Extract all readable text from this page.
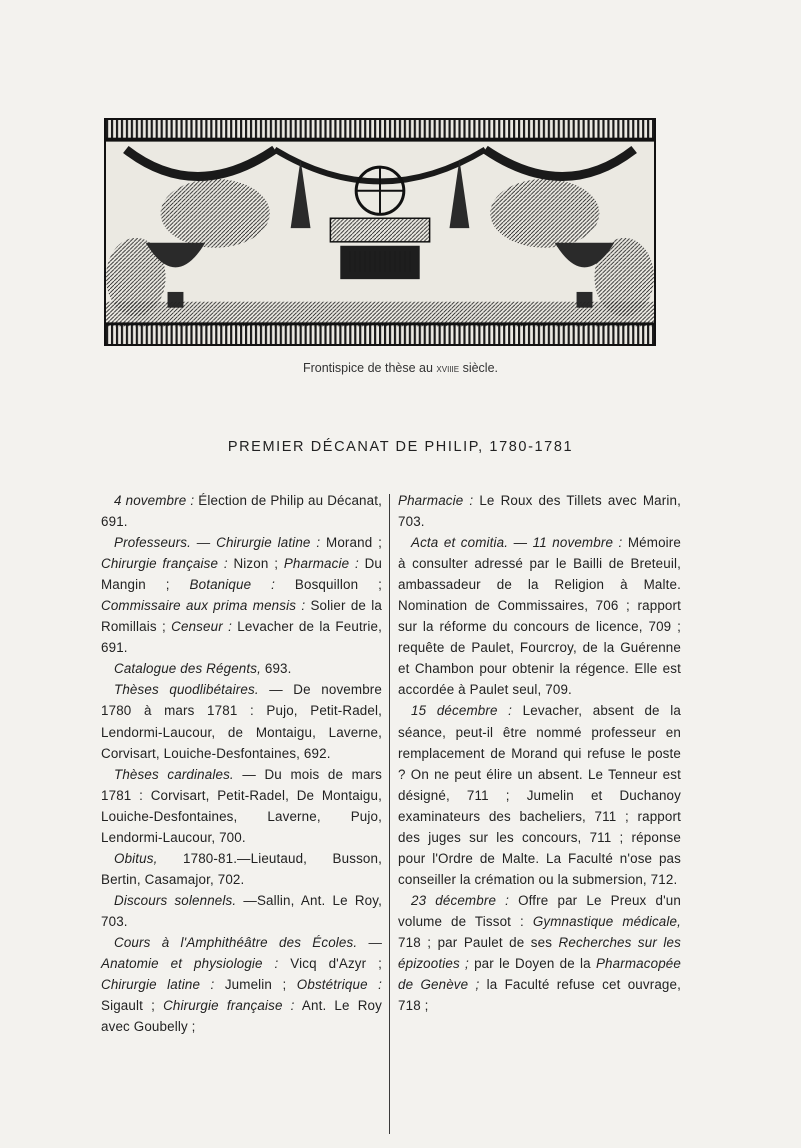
Frontispice de thèse au xviiie siècle.
PREMIER DÉCANAT DE PHILIP, 1780-1781

4 novembre : Élection de Philip au Décanat, 691.

Professeurs. — Chirurgie latine : Morand ; Chirurgie française : Nizon ; Pharmacie : Du Mangin ; Botanique : Bosquillon ; Commissaire aux prima mensis : Solier de la Romillais ; Censeur : Levacher de la Feutrie, 691.

Catalogue des Régents, 693.

Thèses quodlibétaires. — De novembre 1780 à mars 1781 : Pujo, Petit-Radel, Lendormi-Laucour, de Montaigu, Laverne, Corvisart, Louiche-Desfontaines, 692.

Thèses cardinales. — Du mois de mars 1781 : Corvisart, Petit-Radel, De Montaigu, Louiche-Desfontaines, Laverne, Pujo, Lendormi-Laucour, 700.

Obitus, 1780-81.—Lieutaud, Busson, Bertin, Casamajor, 702.

Discours solennels. —Sallin, Ant. Le Roy, 703.

Cours à l'Amphithéâtre des Écoles. — Anatomie et physiologie : Vicq d'Azyr ; Chirurgie latine : Jumelin ; Obstétrique : Sigault ; Chirurgie française : Ant. Le Roy avec Goubelly ;

Pharmacie : Le Roux des Tillets avec Marin, 703.

Acta et comitia. — 11 novembre : Mémoire à consulter adressé par le Bailli de Breteuil, ambassadeur de la Religion à Malte. Nomination de Commissaires, 706 ; rapport sur la réforme du concours de licence, 709 ; requête de Paulet, Fourcroy, de la Guérenne et Chambon pour obtenir la régence. Elle est accordée à Paulet seul, 709.

15 décembre : Levacher, absent de la séance, peut-il être nommé professeur en remplacement de Morand qui refuse le poste ? On ne peut élire un absent. Le Tenneur est désigné, 711 ; Jumelin et Duchanoy examinateurs des bacheliers, 711 ; rapport des juges sur les concours, 711 ; réponse pour l'Ordre de Malte. La Faculté n'ose pas conseiller la crémation ou la submersion, 712.

23 décembre : Offre par Le Preux d'un volume de Tissot : Gymnastique médicale, 718 ; par Paulet de ses Recherches sur les épizooties ; par le Doyen de la Pharmacopée de Genève ; la Faculté refuse cet ouvrage, 718 ;
